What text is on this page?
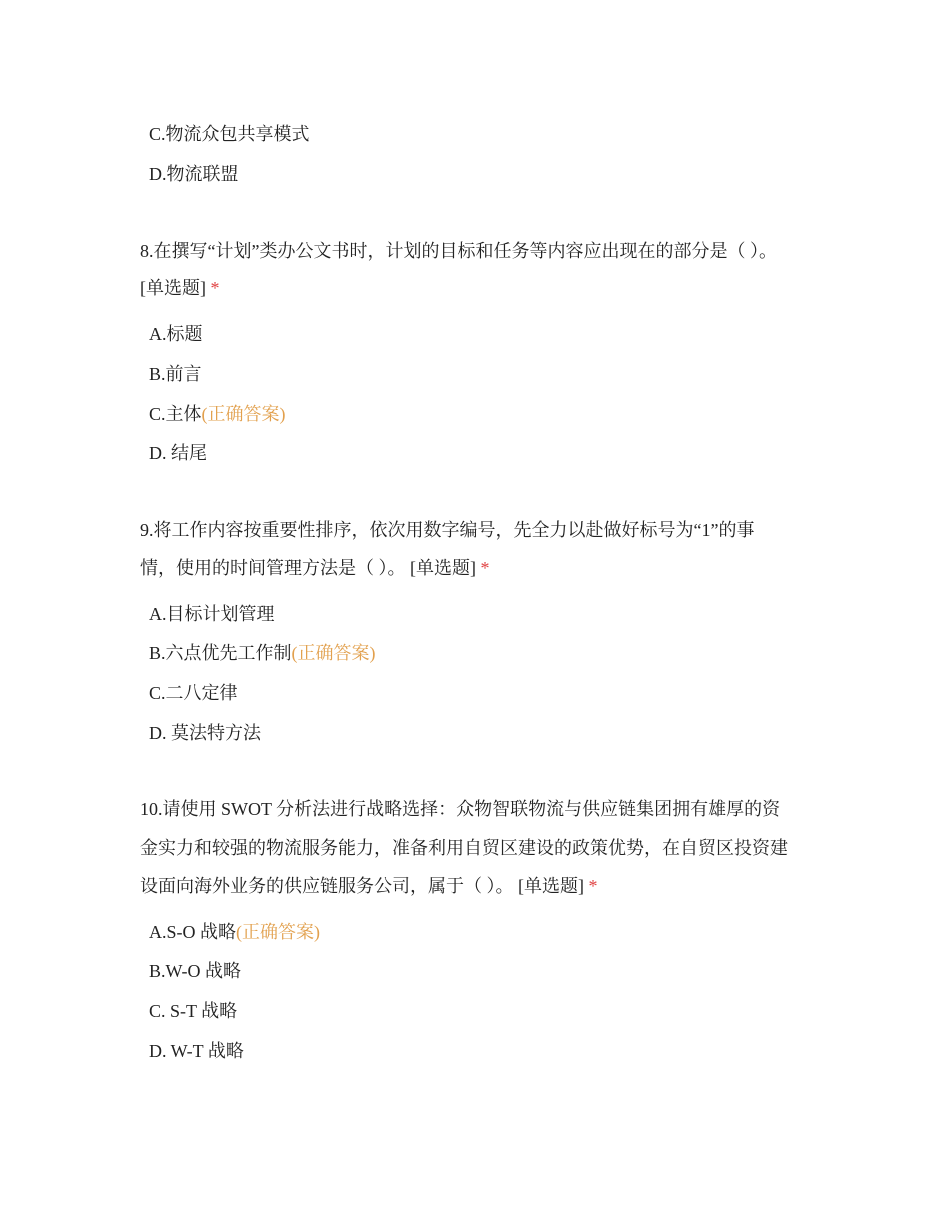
C.物流众包共享模式
D.物流联盟
8.在撰写“计划”类办公文书时，计划的目标和任务等内容应出现在的部分是（ ）。
[单选题] *
A.标题
B.前言
C.主体(正确答案)
D. 结尾
9.将工作内容按重要性排序，依次用数字编号，先全力以赴做好标号为“1”的事
情，使用的时间管理方法是（ ）。 [单选题] *
A.目标计划管理
B.六点优先工作制(正确答案)
C.二八定律
D. 莫法特方法
10.请使用 SWOT 分析法进行战略选择：众物智联物流与供应链集团拥有雄厚的资
金实力和较强的物流服务能力，准备利用自贸区建设的政策优势，在自贸区投资建
设面向海外业务的供应链服务公司，属于（ ）。 [单选题] *
A.S-O 战略(正确答案)
B.W-O 战略
C. S-T 战略
D. W-T 战略
